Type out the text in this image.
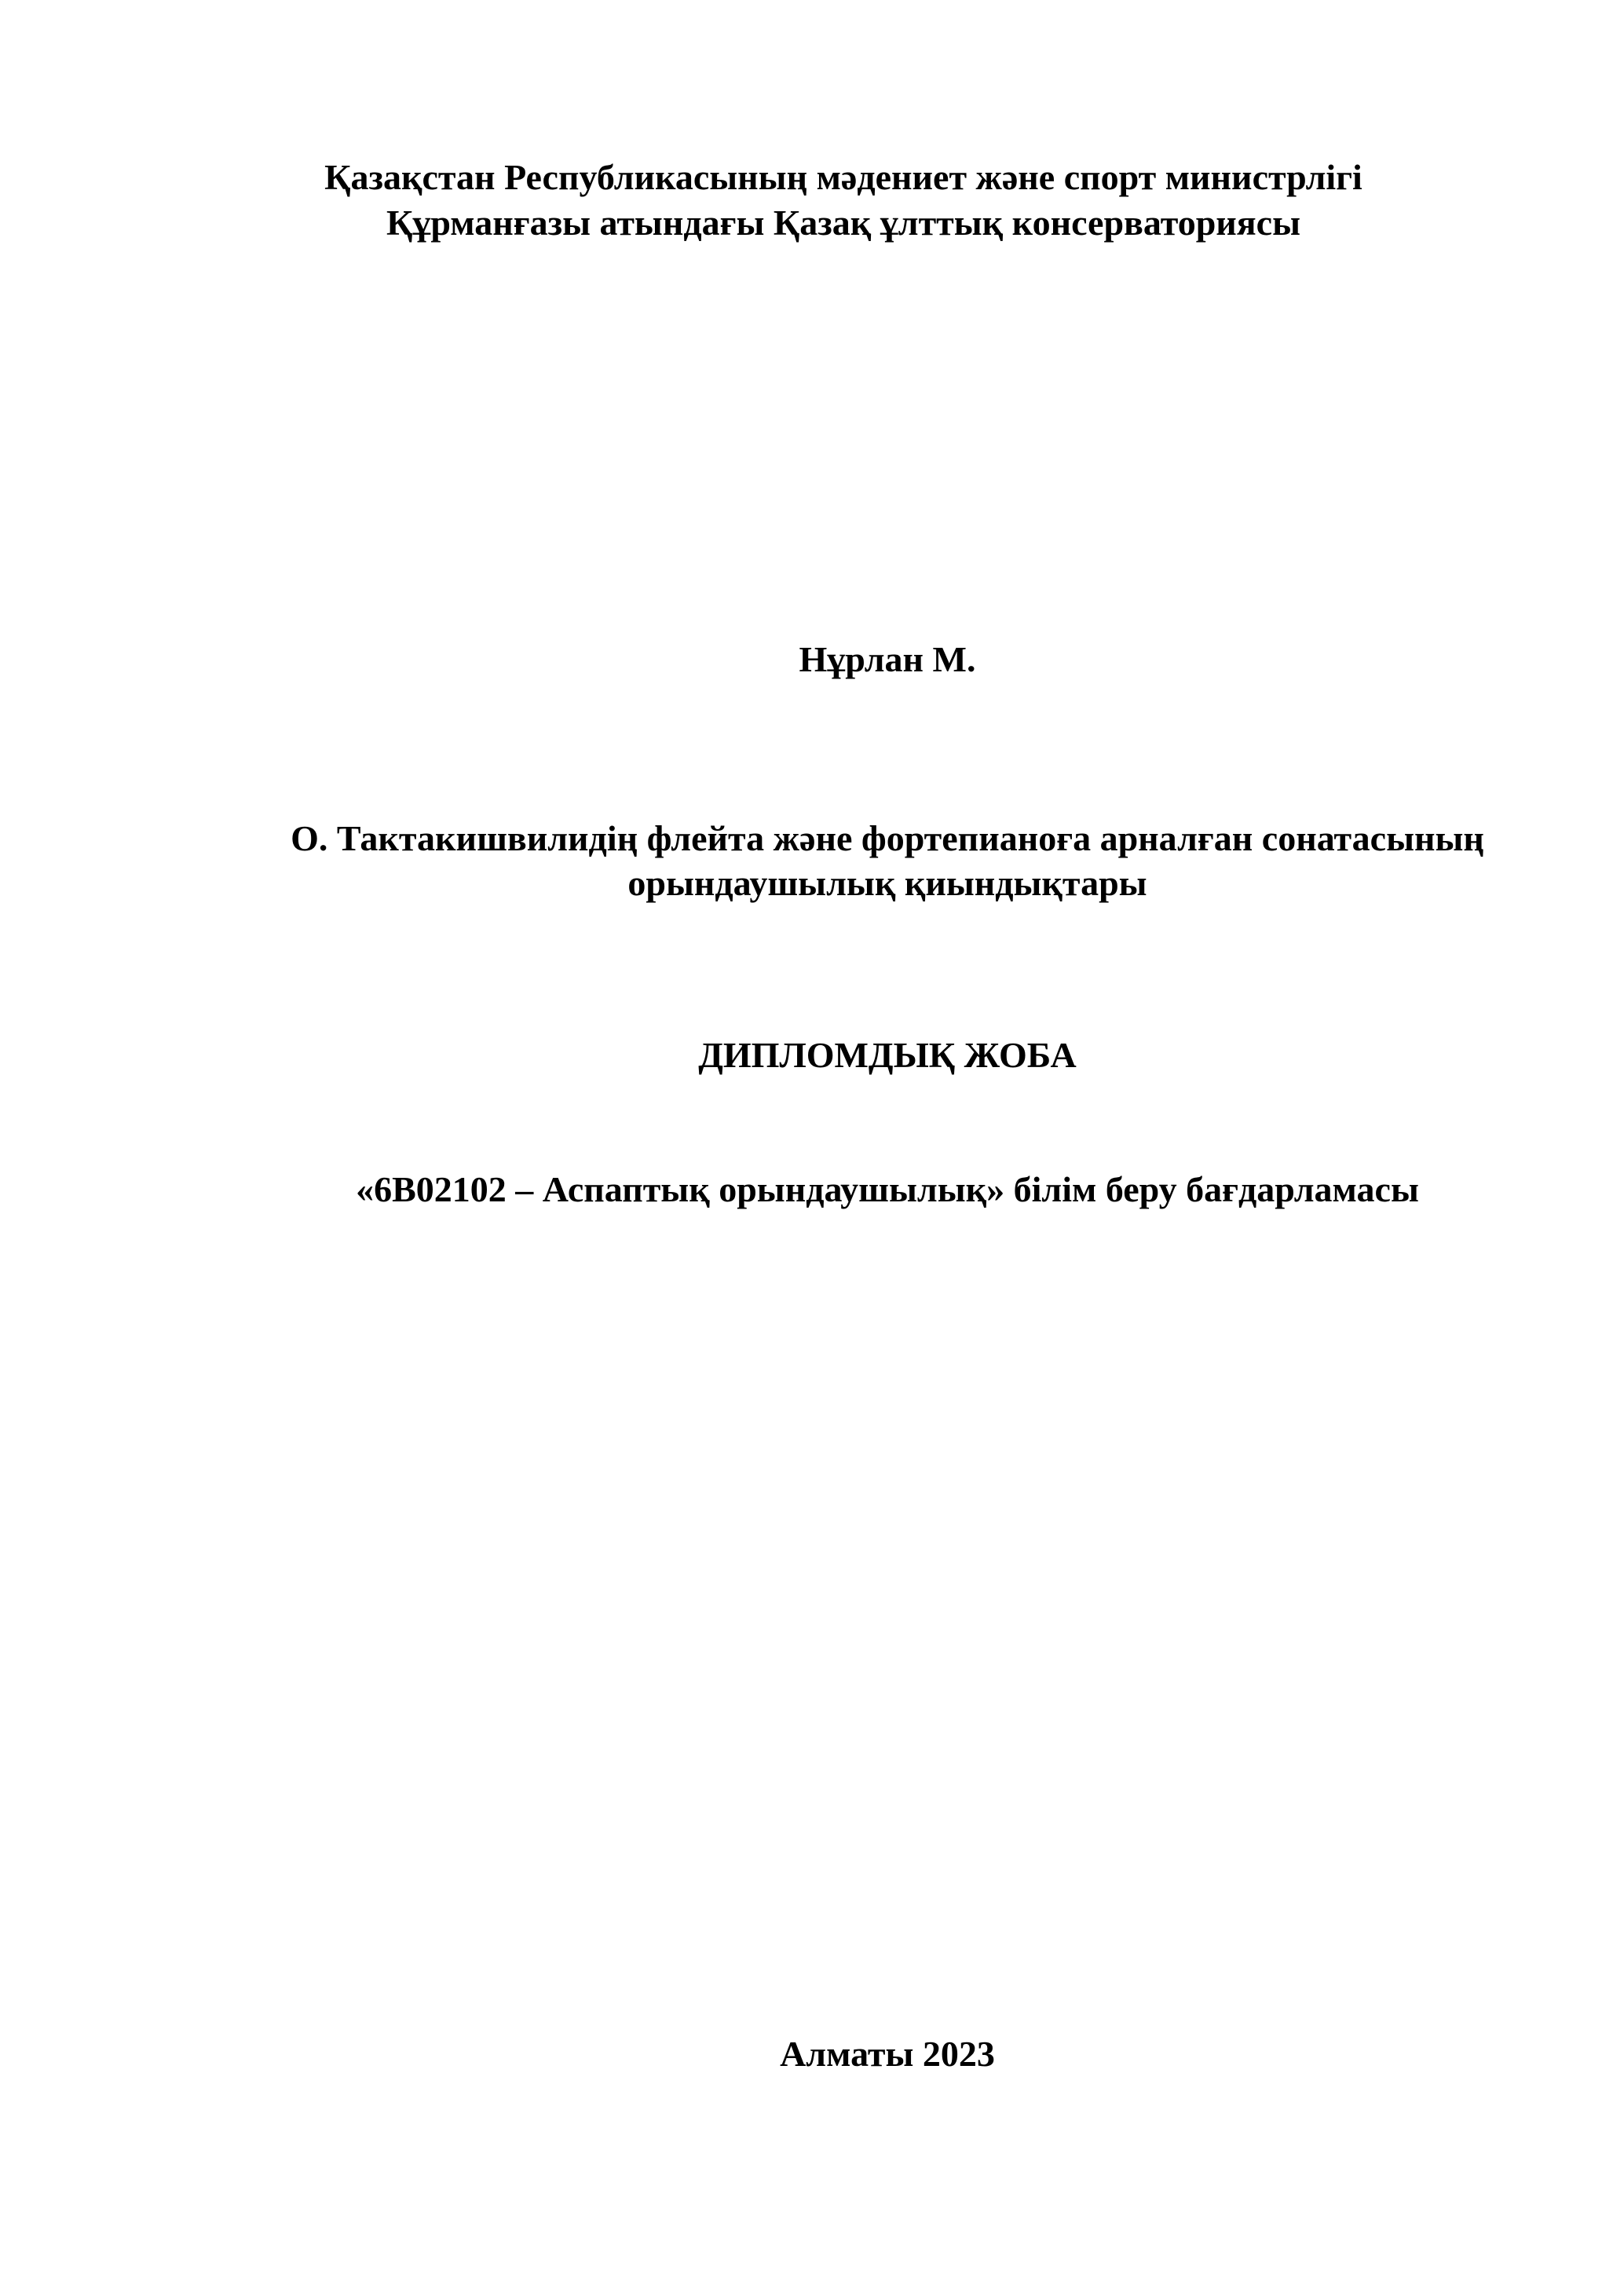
Қазақстан Республикасының мәдениет және спорт министрлігі
Құрманғазы атындағы Қазақ ұлттық консерваториясы
Нұрлан М.
О. Тактакишвилидің флейта және фортепианоға арналған сонатасының
орындаушылық қиындықтары
ДИПЛОМДЫҚ ЖОБА
«6В02102 – Аспаптық орындаушылық» білім беру бағдарламасы
Алматы 2023
